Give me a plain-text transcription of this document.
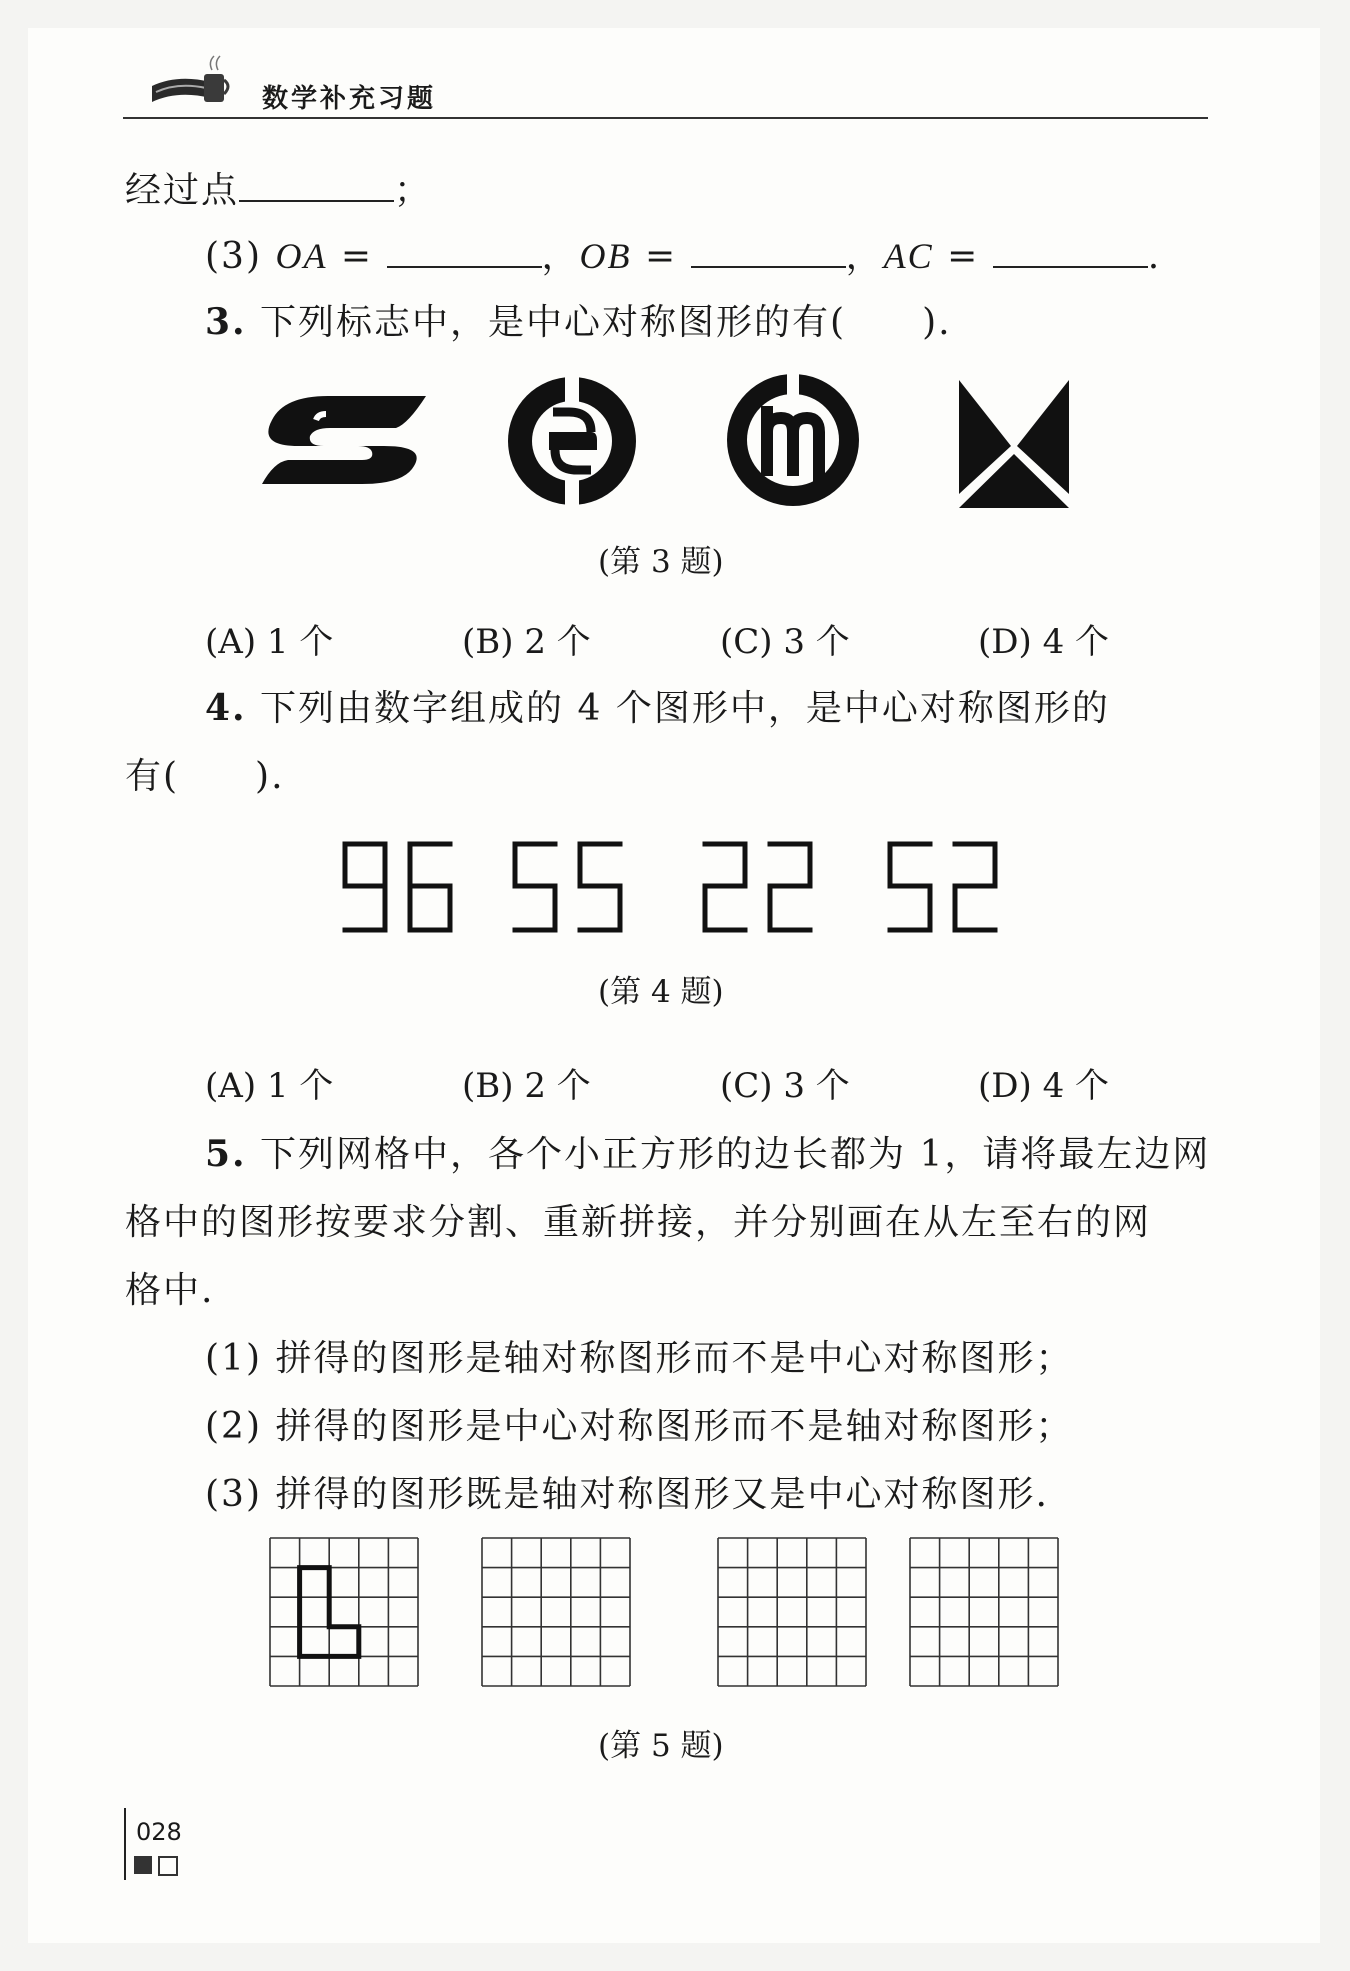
数学补充习题
经过点	；
(3) OA =	，OB =	，AC =	.
3. 下列标志中，是中心对称图形的有(　　).
(第 3 题)
(A) 1 个	(B) 2 个	(C) 3 个	(D) 4 个
4. 下列由数字组成的 4 个图形中，是中心对称图形的
有(　　).
(第 4 题)
(A) 1 个	(B) 2 个	(C) 3 个	(D) 4 个
5. 下列网格中，各个小正方形的边长都为 1，请将最左边网
格中的图形按要求分割、重新拼接，并分别画在从左至右的网
格中.
(1) 拼得的图形是轴对称图形而不是中心对称图形；
(2) 拼得的图形是中心对称图形而不是轴对称图形；
(3) 拼得的图形既是轴对称图形又是中心对称图形.
(第 5 题)
028
